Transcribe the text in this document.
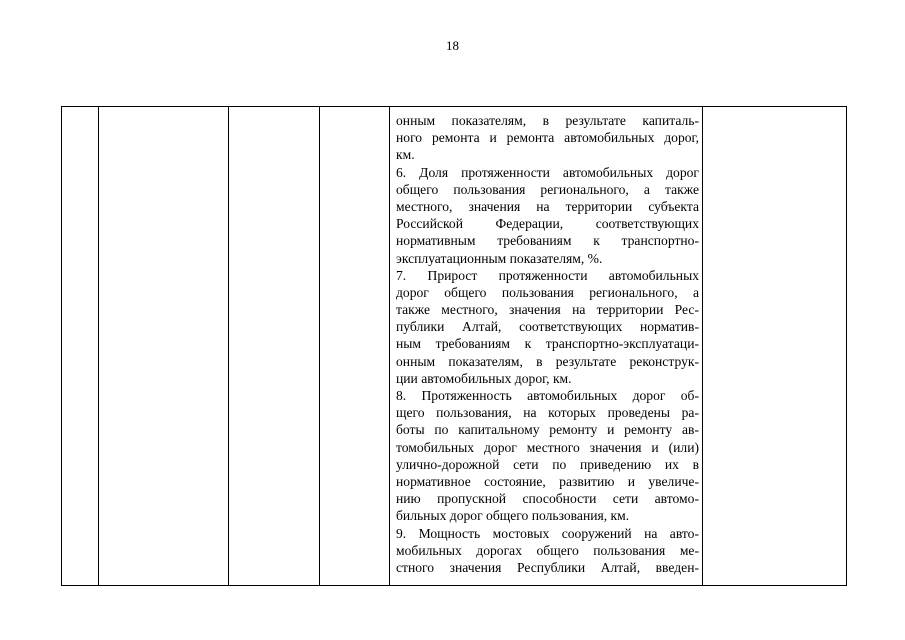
18
онным показателям, в результате капиталь-
ного ремонта и ремонта автомобильных дорог,
км.
6. Доля протяженности автомобильных дорог
общего пользования регионального, а также
местного, значения на территории субъекта
Российской Федерации, соответствующих
нормативным требованиям к транспортно-
эксплуатационным показателям, %.
7. Прирост протяженности автомобильных
дорог общего пользования регионального, а
также местного, значения на территории Рес-
публики Алтай, соответствующих норматив-
ным требованиям к транспортно-эксплуатаци-
онным показателям, в результате реконструк-
ции автомобильных дорог, км.
8. Протяженность автомобильных дорог об-
щего пользования, на которых проведены ра-
боты по капитальному ремонту и ремонту ав-
томобильных дорог местного значения и (или)
улично-дорожной сети по приведению их в
нормативное состояние, развитию и увеличе-
нию пропускной способности сети автомо-
бильных дорог общего пользования, км.
9. Мощность мостовых сооружений на авто-
мобильных дорогах общего пользования ме-
стного значения Республики Алтай, введен-
